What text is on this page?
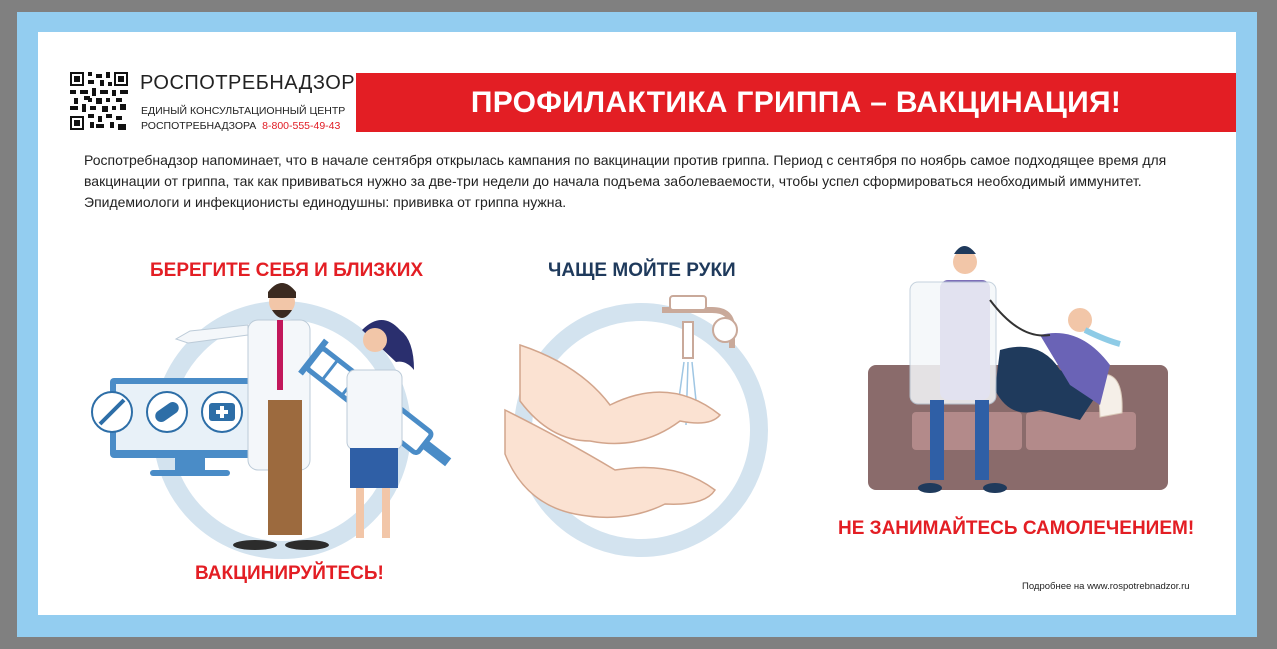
РОСПОТРЕБНАДЗОР
ЕДИНЫЙ КОНСУЛЬТАЦИОННЫЙ ЦЕНТР
РОСПОТРЕБНАДЗОРА 8-800-555-49-43
ПРОФИЛАКТИКА ГРИППА – ВАКЦИНАЦИЯ!
Роспотребнадзор напоминает, что в начале сентября открылась кампания по вакцинации против гриппа. Период с сентября по ноябрь самое подходящее время для вакцинации от гриппа, так как прививаться нужно за две-три недели до начала подъема заболеваемости, чтобы успел сформироваться необходимый иммунитет. Эпидемиологи и инфекционисты единодушны: прививка от гриппа нужна.
БЕРЕГИТЕ СЕБЯ И БЛИЗКИХ
ВАКЦИНИРУЙТЕСЬ!
ЧАЩЕ МОЙТЕ РУКИ
НЕ ЗАНИМАЙТЕСЬ САМОЛЕЧЕНИЕМ!
Подробнее на www.rospotrebnadzor.ru
